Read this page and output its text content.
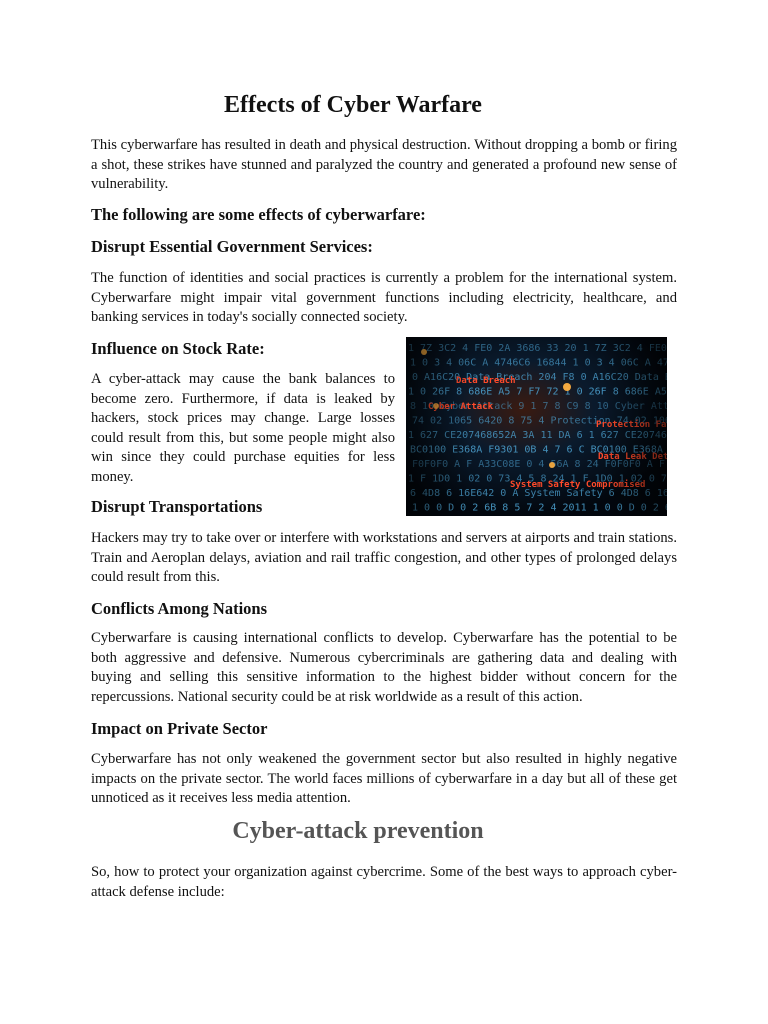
Effects of Cyber Warfare

This cyberwarfare has resulted in death and physical destruction. Without dropping a bomb or firing a shot, these strikes have stunned and paralyzed the country and generated a profound new sense of vulnerability.

The following are some effects of cyberwarfare:
Disrupt Essential Government Services:

The function of identities and social practices is currently a problem for the international system. Cyberwarfare might impair vital government functions including electricity, healthcare, and banking services in today's socially connected society.

Influence on Stock Rate:

A cyber-attack may cause the bank balances to become zero. Furthermore, if data is leaked by hackers, stock prices may change. Large losses could result from this, but some people might also win since they could purchase equities for less money.

Disrupt Transportations

Hackers may try to take over or interfere with workstations and servers at airports and train stations. Train and Aeroplan delays, aviation and rail traffic congestion, and other types of prolonged delays could result from this.

Conflicts Among Nations

Cyberwarfare is causing international conflicts to develop. Cyberwarfare has the potential to be both aggressive and defensive. Numerous cybercriminals are gathering data and dealing with buying and selling this sensitive information to the highest bidder without concern for the repercussions. National security could be at risk worldwide as a result of this action.

Impact on Private Sector

Cyberwarfare has not only weakened the government sector but also resulted in highly negative impacts on the private sector. The world faces millions of cyberwarfare in a day but all of these get unnoticed as it receives less media attention.

Cyber-attack prevention

So, how to protect your organization against cybercrime. Some of the best ways to approach cyber-attack defense include:
